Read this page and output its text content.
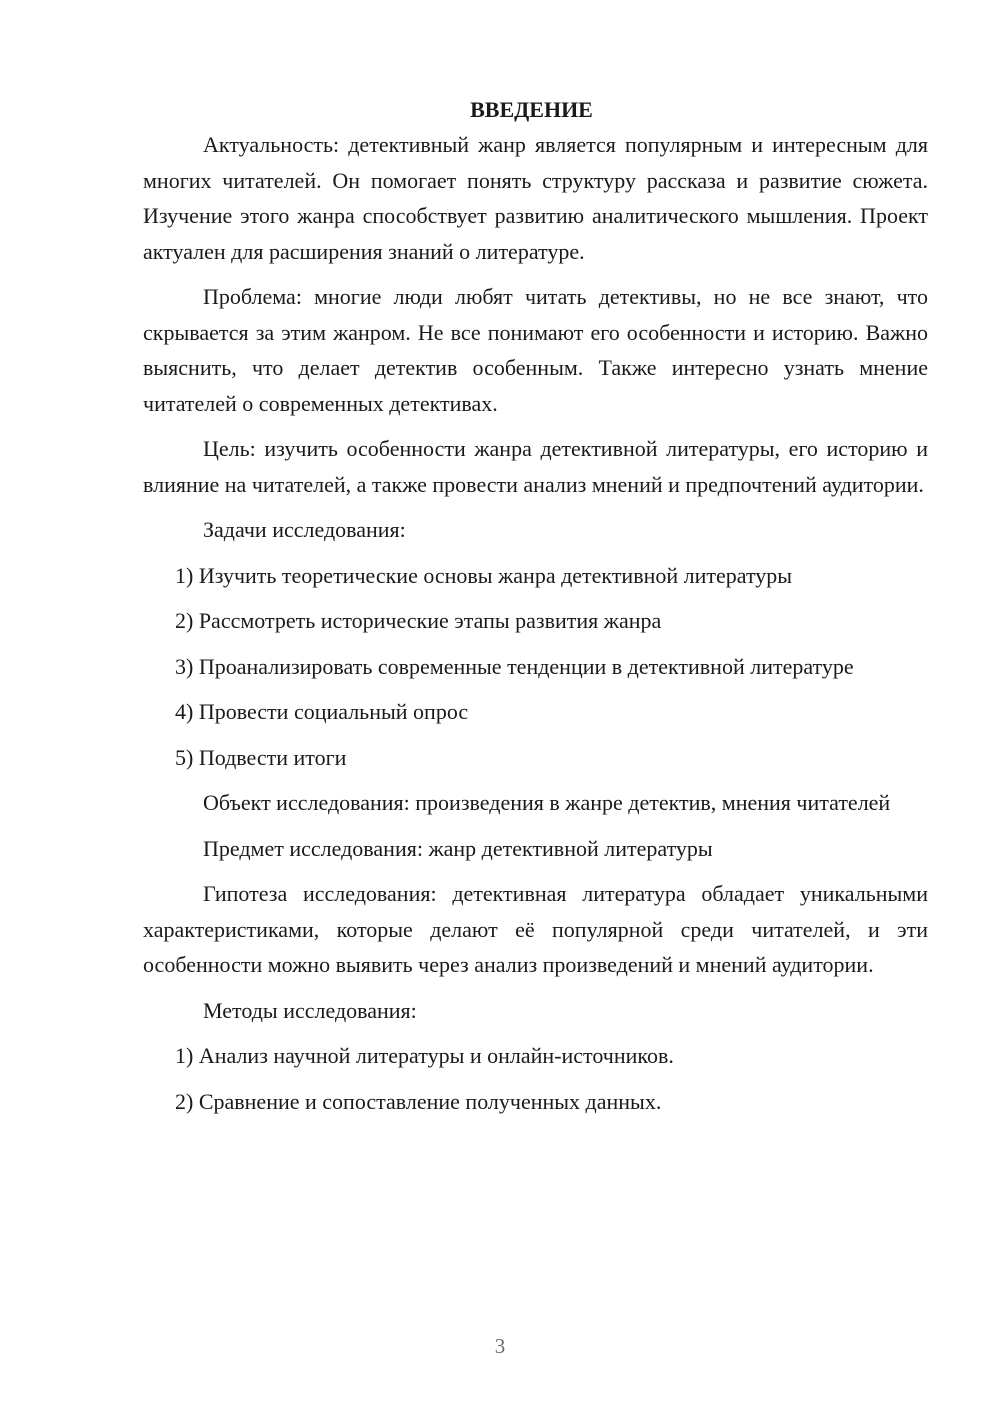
ВВЕДЕНИЕ

Актуальность: детективный жанр является популярным и интересным для многих читателей. Он помогает понять структуру рассказа и развитие сюжета. Изучение этого жанра способствует развитию аналитического мышления. Проект актуален для расширения знаний о литературе.

Проблема: многие люди любят читать детективы, но не все знают, что скрывается за этим жанром. Не все понимают его особенности и историю. Важно выяснить, что делает детектив особенным. Также интересно узнать мнение читателей о современных детективах.

Цель: изучить особенности жанра детективной литературы, его историю и влияние на читателей, а также провести анализ мнений и предпочтений аудитории.

Задачи исследования:

1) Изучить теоретические основы жанра детективной литературы

2) Рассмотреть исторические этапы развития жанра

3) Проанализировать современные тенденции в детективной литературе

4) Провести социальный опрос

5) Подвести итоги

Объект исследования: произведения в жанре детектив, мнения читателей

Предмет исследования: жанр детективной литературы

Гипотеза исследования: детективная литература обладает уникальными характеристиками, которые делают её популярной среди читателей, и эти особенности можно выявить через анализ произведений и мнений аудитории.

Методы исследования:

1) Анализ научной литературы и онлайн-источников.

2) Сравнение и сопоставление полученных данных.

3
